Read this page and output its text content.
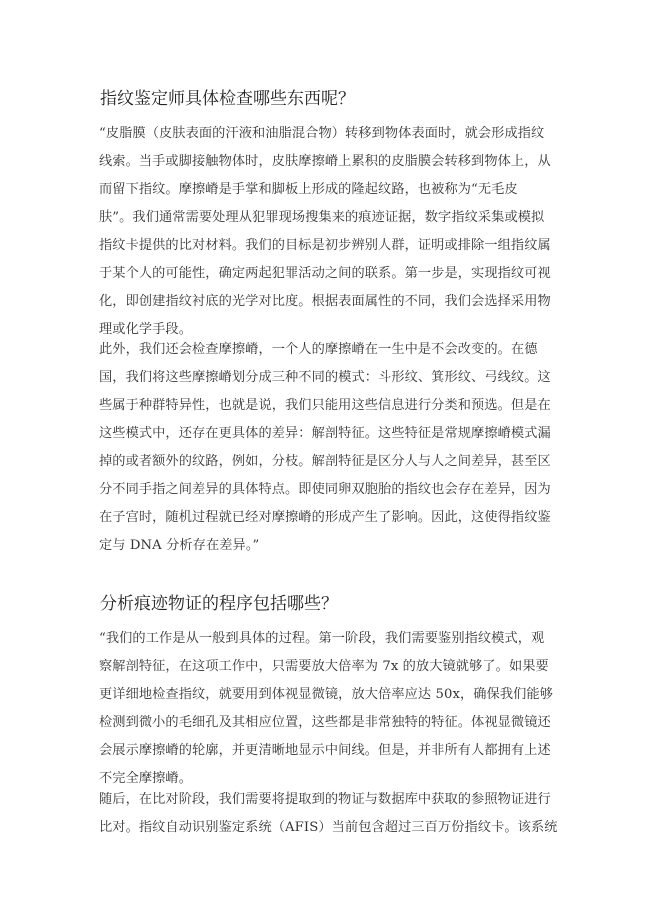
指纹鉴定师具体检查哪些东西呢？
“皮脂膜（皮肤表面的汗液和油脂混合物）转移到物体表面时，就会形成指纹
线索。当手或脚接触物体时，皮肤摩擦嵴上累积的皮脂膜会转移到物体上，从
而留下指纹。摩擦嵴是手掌和脚板上形成的隆起纹路，也被称为“无毛皮
肤”。我们通常需要处理从犯罪现场搜集来的痕迹证据，数字指纹采集或模拟
指纹卡提供的比对材料。我们的目标是初步辨别人群，证明或排除一组指纹属
于某个人的可能性，确定两起犯罪活动之间的联系。第一步是，实现指纹可视
化，即创建指纹衬底的光学对比度。根据表面属性的不同，我们会选择采用物
理或化学手段。
此外，我们还会检查摩擦嵴，一个人的摩擦嵴在一生中是不会改变的。在德
国，我们将这些摩擦嵴划分成三种不同的模式：斗形纹、箕形纹、弓线纹。这
些属于种群特异性，也就是说，我们只能用这些信息进行分类和预选。但是在
这些模式中，还存在更具体的差异：解剖特征。这些特征是常规摩擦嵴模式漏
掉的或者额外的纹路，例如，分枝。解剖特征是区分人与人之间差异，甚至区
分不同手指之间差异的具体特点。即使同卵双胞胎的指纹也会存在差异，因为
在子宫时，随机过程就已经对摩擦嵴的形成产生了影响。因此，这使得指纹鉴
定与 DNA 分析存在差异。”
分析痕迹物证的程序包括哪些？
“我们的工作是从一般到具体的过程。第一阶段，我们需要鉴别指纹模式，观
察解剖特征，在这项工作中，只需要放大倍率为 7x 的放大镜就够了。如果要
更详细地检查指纹，就要用到体视显微镜，放大倍率应达 50x，确保我们能够
检测到微小的毛细孔及其相应位置，这些都是非常独特的特征。体视显微镜还
会展示摩擦嵴的轮廓，并更清晰地显示中间线。但是，并非所有人都拥有上述
不完全摩擦嵴。
随后，在比对阶段，我们需要将提取到的物证与数据库中获取的参照物证进行
比对。指纹自动识别鉴定系统（AFIS）当前包含超过三百万份指纹卡。该系统
